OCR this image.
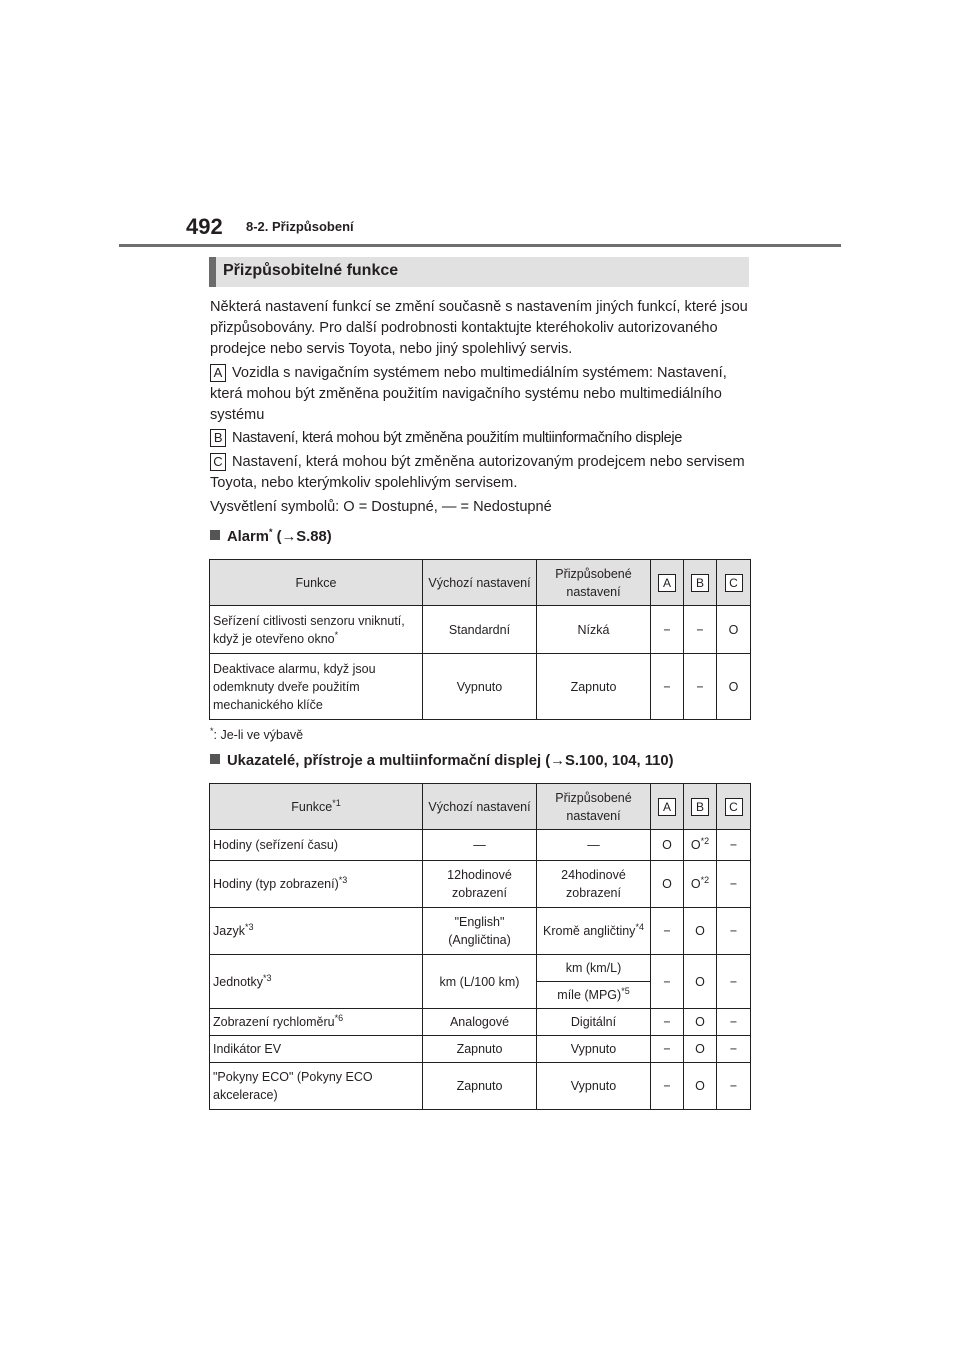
492 8-2. Přizpůsobení
Přizpůsobitelné funkce
Některá nastavení funkcí se změní současně s nastavením jiných funkcí, které jsou přizpůsobovány. Pro další podrobnosti kontaktujte kteréhokoliv autorizovaného prodejce nebo servis Toyota, nebo jiný spolehlivý servis.
A Vozidla s navigačním systémem nebo multimediálním systémem: Nastavení, která mohou být změněna použitím navigačního systému nebo multimediálního systému
B Nastavení, která mohou být změněna použitím multiinformačního displeje
C Nastavení, která mohou být změněna autorizovaným prodejcem nebo servisem Toyota, nebo kterýmkoliv spolehlivým servisem.
Vysvětlení symbolů: O = Dostupné, — = Nedostupné
Alarm* (→S.88)
Funkce	Výchozí nastavení	Přizpůsobené nastavení	A	B	C
Seřízení citlivosti senzoru vniknutí, když je otevřeno okno*	Standardní	Nízká	−	−	O
Deaktivace alarmu, když jsou odemknuty dveře použitím mechanického klíče	Vypnuto	Zapnuto	−	−	O
*: Je-li ve výbavě
Ukazatelé, přístroje a multiinformační displej (→S.100, 104, 110)
Funkce$^{*1}$	Výchozí nastavení	Přizpůsobené nastavení	A	B	C
Hodiny (seřízení času)	—	—	O	$O^{*2}$	−
Hodiny (typ zobrazení)$^{*3}$	12hodinové zobrazení	24hodinové zobrazení	O	$O^{*2}$	−
Jazyk$^{*3}$	"English" (Angličtina)	Kromě angličtiny$^{*4}$	−	O	−
Jednotky$^{*3}$	km (L/100 km)	km (km/L)	−	O	−
		míle (MPG)$^{*5}$
Zobrazení rychloměru$^{*6}$	Analogové	Digitální	−	O	−
Indikátor EV	Zapnuto	Vypnuto	−	O	−
"Pokyny ECO" (Pokyny ECO akcelerace)	Zapnuto	Vypnuto	−	O	−
